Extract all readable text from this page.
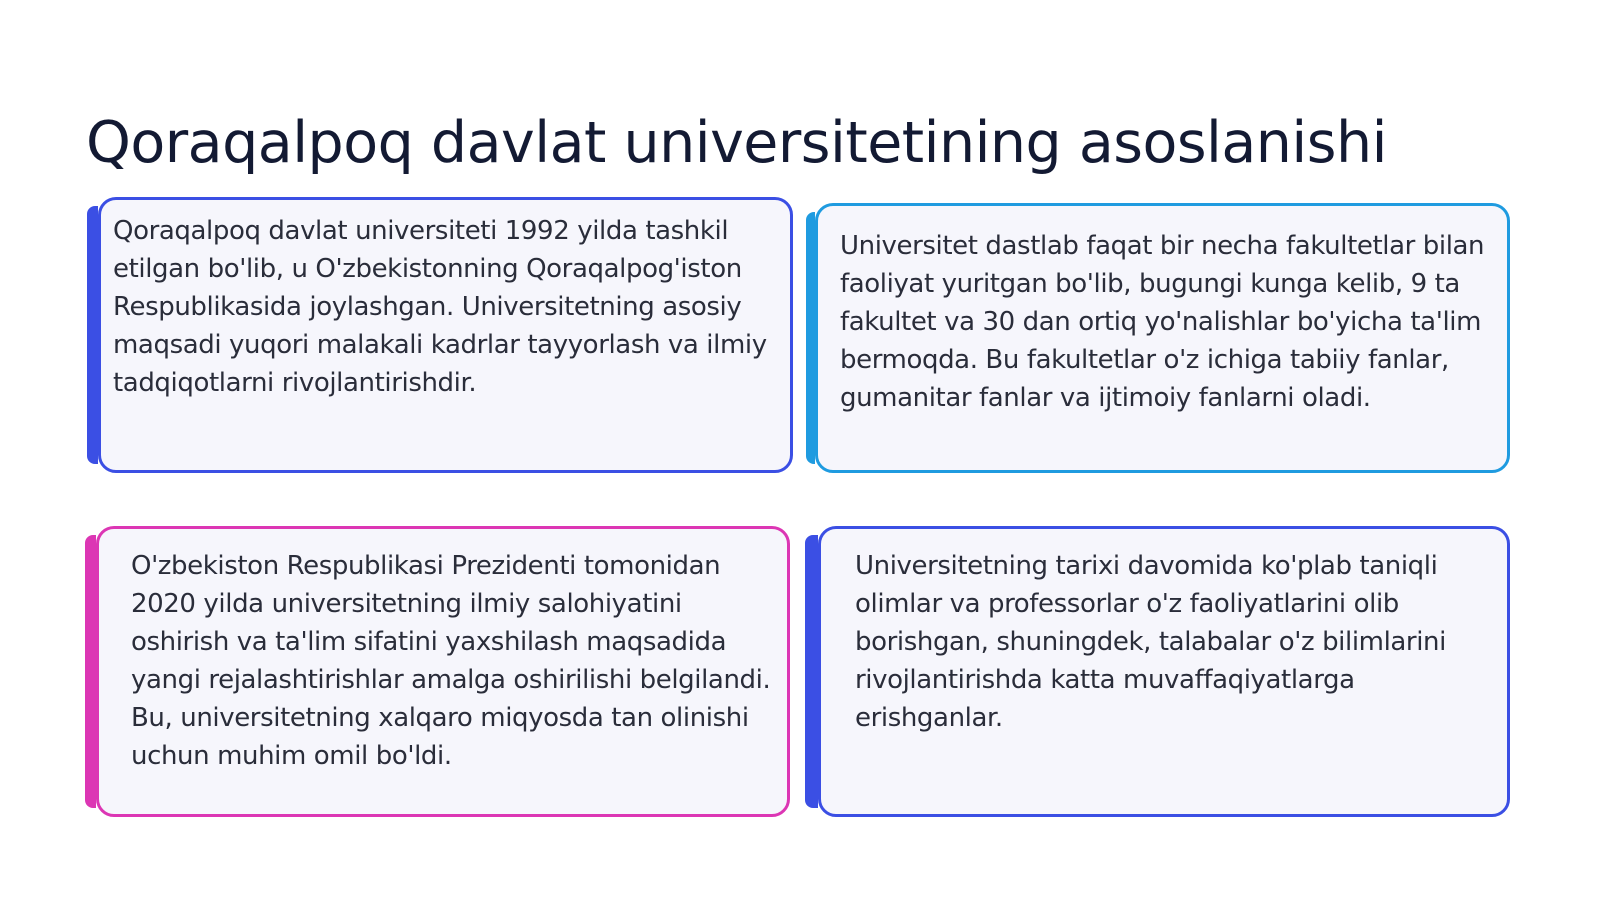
Qoraqalpoq davlat universitetining asoslanishi

Qoraqalpoq davlat universiteti 1992 yilda tashkil etilgan bo'lib, u O'zbekistonning Qoraqalpog'iston Respublikasida joylashgan. Universitetning asosiy maqsadi yuqori malakali kadrlar tayyorlash va ilmiy tadqiqotlarni rivojlantirishdir.

Universitet dastlab faqat bir necha fakultetlar bilan faoliyat yuritgan bo'lib, bugungi kunga kelib, 9 ta fakultet va 30 dan ortiq yo'nalishlar bo'yicha ta'lim bermoqda. Bu fakultetlar o'z ichiga tabiiy fanlar, gumanitar fanlar va ijtimoiy fanlarni oladi.

O'zbekiston Respublikasi Prezidenti tomonidan 2020 yilda universitetning ilmiy salohiyatini oshirish va ta'lim sifatini yaxshilash maqsadida yangi rejalashtirishlar amalga oshirilishi belgilandi. Bu, universitetning xalqaro miqyosda tan olinishi uchun muhim omil bo'ldi.

Universitetning tarixi davomida ko'plab taniqli olimlar va professorlar o'z faoliyatlarini olib borishgan, shuningdek, talabalar o'z bilimlarini rivojlantirishda katta muvaffaqiyatlarga erishganlar.
